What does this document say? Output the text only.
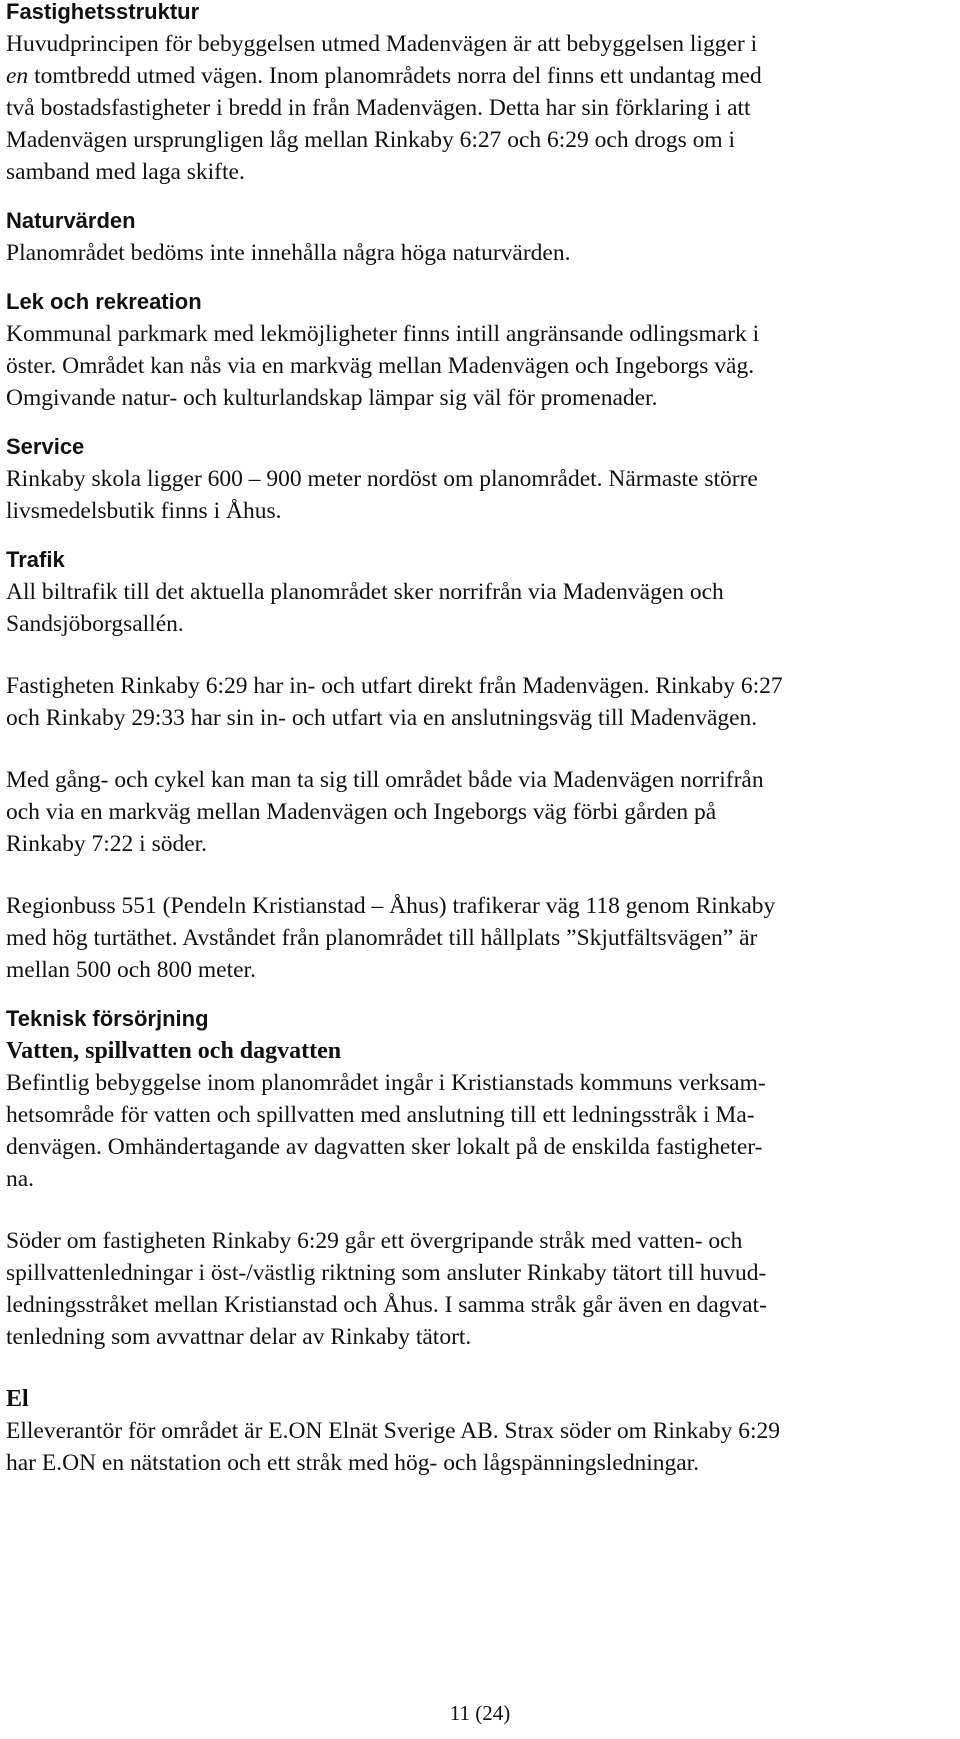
Fastighetsstruktur

Huvudprincipen för bebyggelsen utmed Madenvägen är att bebyggelsen ligger i
en tomtbredd utmed vägen. Inom planområdets norra del finns ett undantag med
två bostadsfastigheter i bredd in från Madenvägen. Detta har sin förklaring i att
Madenvägen ursprungligen låg mellan Rinkaby 6:27 och 6:29 och drogs om i
samband med laga skifte.

Naturvärden

Planområdet bedöms inte innehålla några höga naturvärden.

Lek och rekreation

Kommunal parkmark med lekmöjligheter finns intill angränsande odlingsmark i
öster. Området kan nås via en markväg mellan Madenvägen och Ingeborgs väg.
Omgivande natur- och kulturlandskap lämpar sig väl för promenader.

Service

Rinkaby skola ligger 600 – 900 meter nordöst om planområdet. Närmaste större
livsmedelsbutik finns i Åhus.

Trafik

All biltrafik till det aktuella planområdet sker norrifrån via Madenvägen och
Sandsjöborgsallén.

Fastigheten Rinkaby 6:29 har in- och utfart direkt från Madenvägen. Rinkaby 6:27
och Rinkaby 29:33 har sin in- och utfart via en anslutningsväg till Madenvägen.

Med gång- och cykel kan man ta sig till området både via Madenvägen norrifrån
och via en markväg mellan Madenvägen och Ingeborgs väg förbi gården på
Rinkaby 7:22 i söder.

Regionbuss 551 (Pendeln Kristianstad – Åhus) trafikerar väg 118 genom Rinkaby
med hög turtäthet. Avståndet från planområdet till hållplats ”Skjutfältsvägen” är
mellan 500 och 800 meter.

Teknisk försörjning
Vatten, spillvatten och dagvatten

Befintlig bebyggelse inom planområdet ingår i Kristianstads kommuns verksam-
hetsområde för vatten och spillvatten med anslutning till ett ledningsstråk i Ma-
denvägen. Omhändertagande av dagvatten sker lokalt på de enskilda fastigheter-
na.

Söder om fastigheten Rinkaby 6:29 går ett övergripande stråk med vatten- och
spillvattenledningar i öst-/västlig riktning som ansluter Rinkaby tätort till huvud-
ledningsstråket mellan Kristianstad och Åhus. I samma stråk går även en dagvat-
tenledning som avvattnar delar av Rinkaby tätort.

El

Elleverantör för området är E.ON Elnät Sverige AB. Strax söder om Rinkaby 6:29
har E.ON en nätstation och ett stråk med hög- och lågspänningsledningar.

11 (24)
